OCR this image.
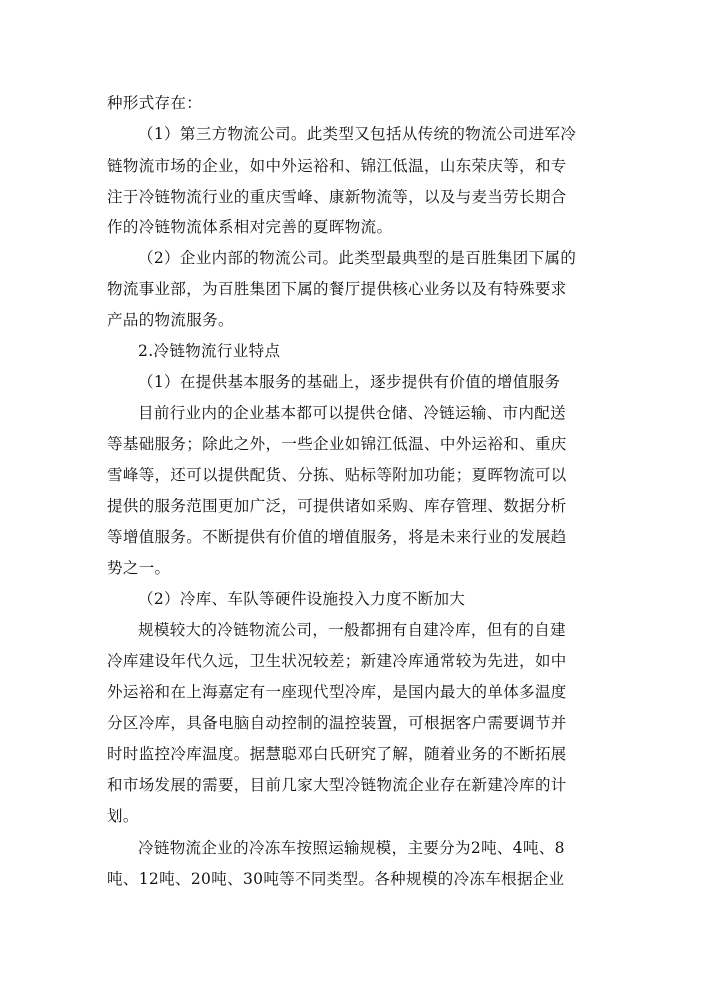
种形式存在：
（1）第三方物流公司。此类型又包括从传统的物流公司进军冷
链物流市场的企业，如中外运裕和、锦江低温，山东荣庆等，和专
注于冷链物流行业的重庆雪峰、康新物流等，以及与麦当劳长期合
作的冷链物流体系相对完善的夏晖物流。
（2）企业内部的物流公司。此类型最典型的是百胜集团下属的
物流事业部，为百胜集团下属的餐厅提供核心业务以及有特殊要求
产品的物流服务。
2.冷链物流行业特点
（1）在提供基本服务的基础上，逐步提供有价值的增值服务
目前行业内的企业基本都可以提供仓储、冷链运输、市内配送
等基础服务；除此之外，一些企业如锦江低温、中外运裕和、重庆
雪峰等，还可以提供配货、分拣、贴标等附加功能；夏晖物流可以
提供的服务范围更加广泛，可提供诸如采购、库存管理、数据分析
等增值服务。不断提供有价值的增值服务，将是未来行业的发展趋
势之一。
（2）冷库、车队等硬件设施投入力度不断加大
规模较大的冷链物流公司，一般都拥有自建冷库，但有的自建
冷库建设年代久远，卫生状况较差；新建冷库通常较为先进，如中
外运裕和在上海嘉定有一座现代型冷库，是国内最大的单体多温度
分区冷库，具备电脑自动控制的温控装置，可根据客户需要调节并
时时监控冷库温度。据慧聪邓白氏研究了解，随着业务的不断拓展
和市场发展的需要，目前几家大型冷链物流企业存在新建冷库的计
划。
冷链物流企业的冷冻车按照运输规模，主要分为2吨、4吨、8
吨、12吨、20吨、30吨等不同类型。各种规模的冷冻车根据企业
